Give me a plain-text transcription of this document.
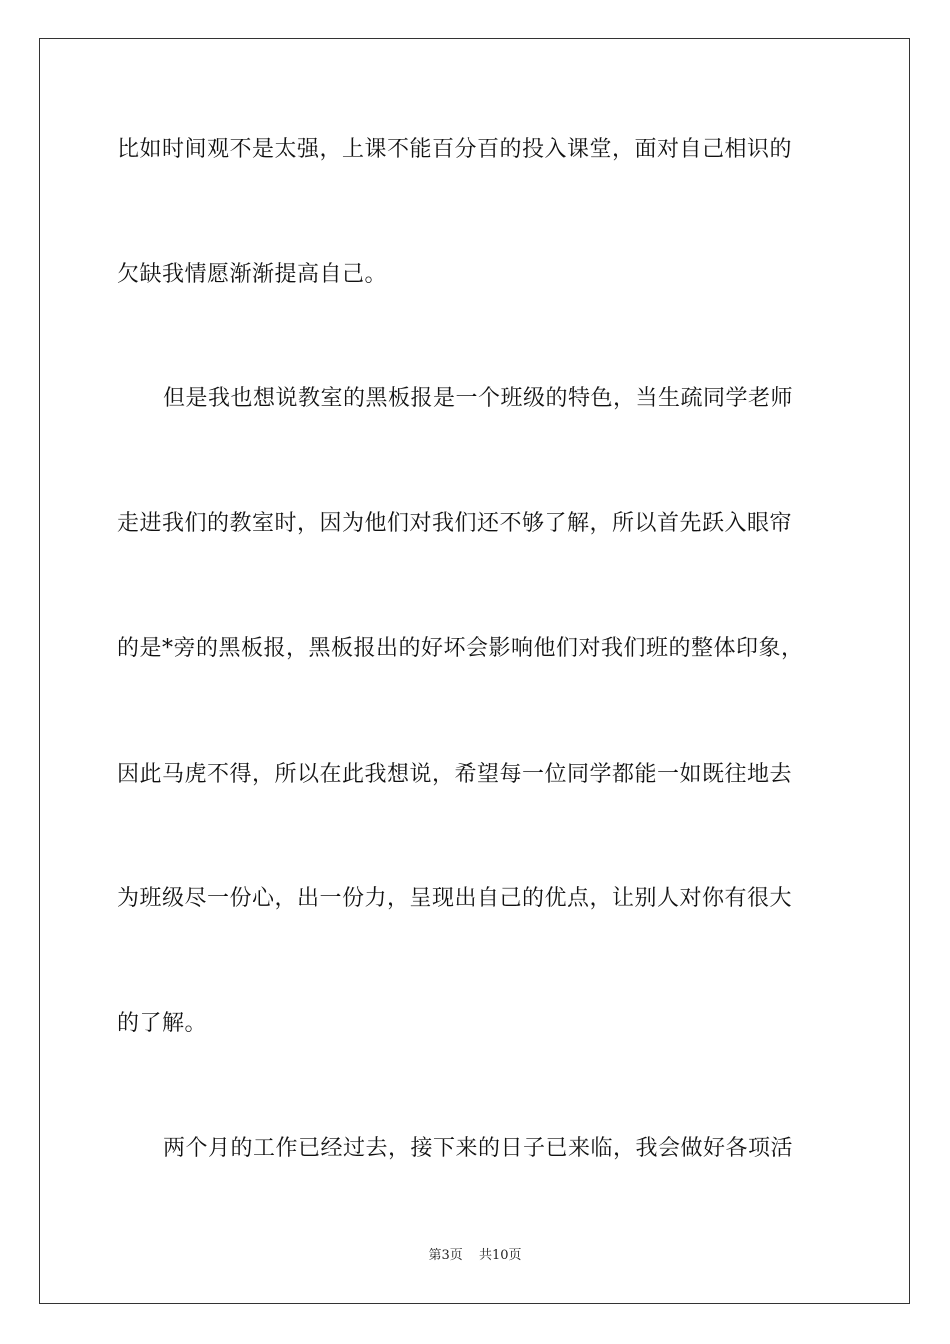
比如时间观不是太强，上课不能百分百的投入课堂，面对自己相识的
欠缺我情愿渐渐提高自己。
但是我也想说教室的黑板报是一个班级的特色，当生疏同学老师
走进我们的教室时，因为他们对我们还不够了解，所以首先跃入眼帘
的是*旁的黑板报，黑板报出的好坏会影响他们对我们班的整体印象，
因此马虎不得，所以在此我想说，希望每一位同学都能一如既往地去
为班级尽一份心，出一份力，呈现出自己的优点，让别人对你有很大
的了解。
两个月的工作已经过去，接下来的日子已来临，我会做好各项活
第3页 共10页
